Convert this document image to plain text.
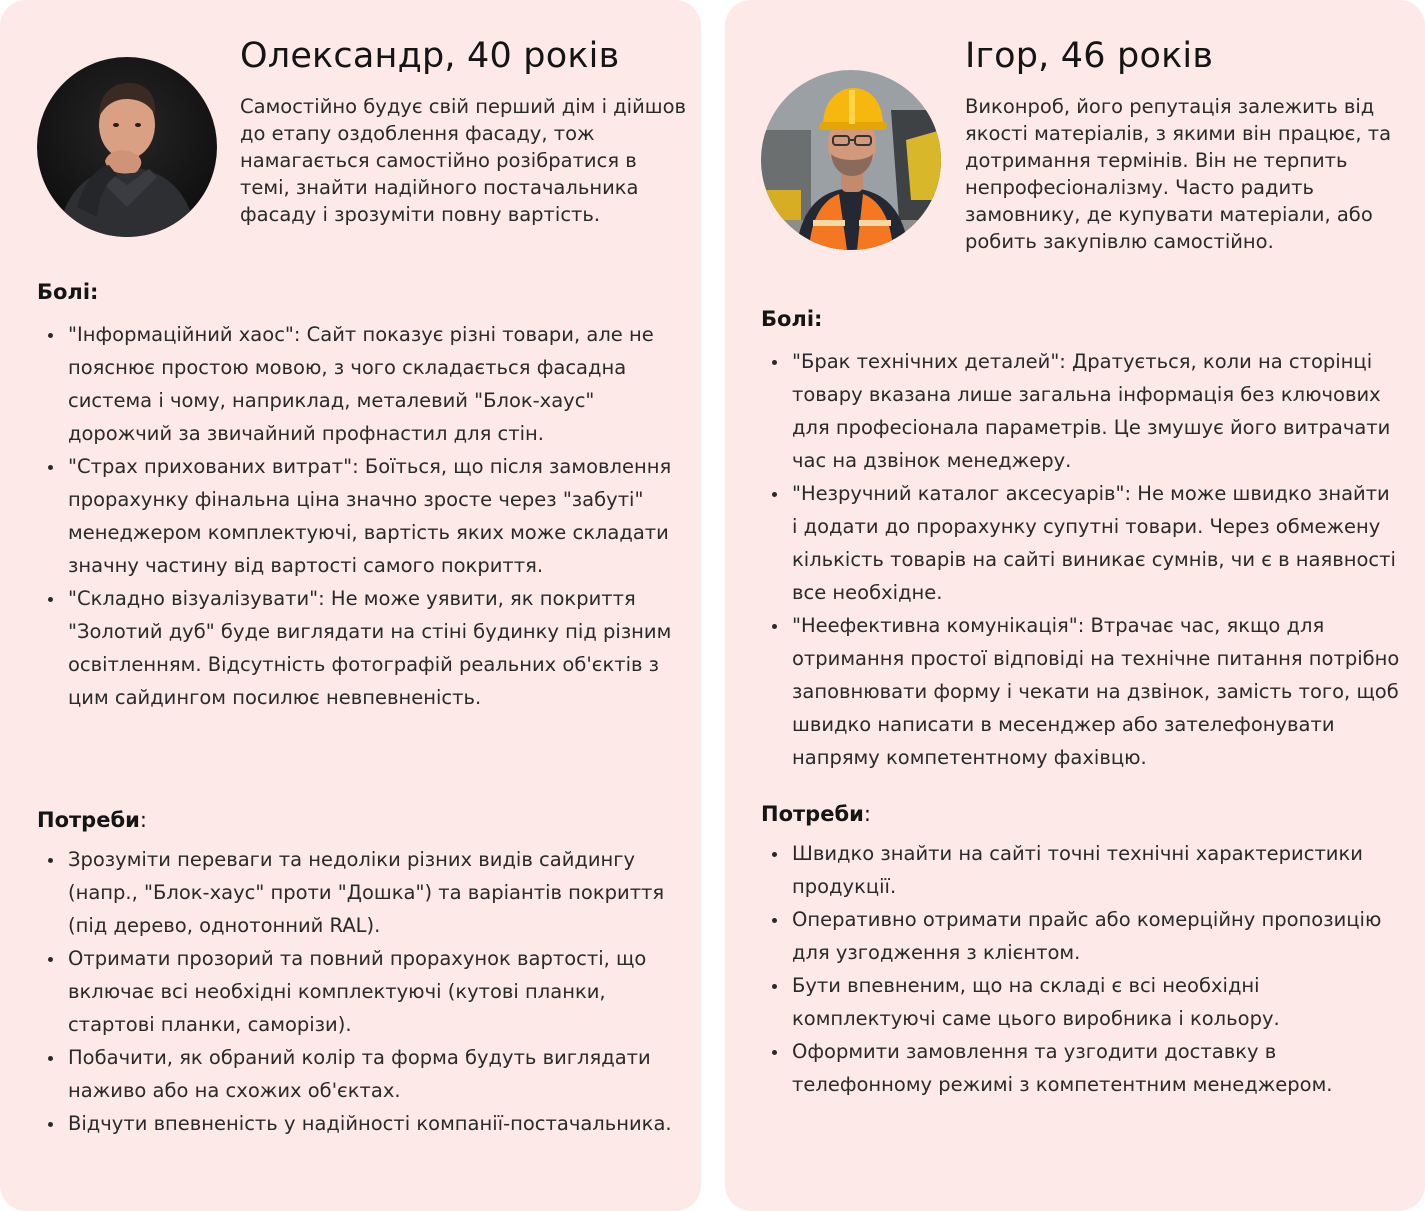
Олександр, 40 років

Самостійно будує свій перший дім і дійшов до етапу оздоблення фасаду, тож намагається самостійно розібратися в темі, знайти надійного постачальника фасаду і зрозуміти повну вартість.

Болі:
"Інформаційний хаос": Сайт показує різні товари, але не пояснює простою мовою, з чого складається фасадна система і чому, наприклад, металевий "Блок-хаус" дорожчий за звичайний профнастил для стін.
"Страх прихованих витрат": Боїться, що після замовлення прорахунку фінальна ціна значно зросте через "забуті" менеджером комплектуючі, вартість яких може складати значну частину від вартості самого покриття.
"Складно візуалізувати": Не може уявити, як покриття "Золотий дуб" буде виглядати на стіні будинку під різним освітленням. Відсутність фотографій реальних об'єктів з цим сайдингом посилює невпевненість.
Потреби:
Зрозуміти переваги та недоліки різних видів сайдингу (напр., "Блок-хаус" проти "Дошка") та варіантів покриття (під дерево, однотонний RAL).
Отримати прозорий та повний прорахунок вартості, що включає всі необхідні комплектуючі (кутові планки, стартові планки, саморізи).
Побачити, як обраний колір та форма будуть виглядати наживо або на схожих об'єктах.
Відчути впевненість у надійності компанії-постачальника.
Ігор, 46 років

Виконроб, його репутація залежить від якості матеріалів, з якими він працює, та дотримання термінів. Він не терпить непрофесіоналізму. Часто радить замовнику, де купувати матеріали, або робить закупівлю самостійно.

Болі:
"Брак технічних деталей": Дратується, коли на сторінці товару вказана лише загальна інформація без ключових для професіонала параметрів. Це змушує його витрачати час на дзвінок менеджеру.
"Незручний каталог аксесуарів": Не може швидко знайти і додати до прорахунку супутні товари. Через обмежену кількість товарів на сайті виникає сумнів, чи є в наявності все необхідне.
"Неефективна комунікація": Втрачає час, якщо для отримання простої відповіді на технічне питання потрібно заповнювати форму і чекати на дзвінок, замість того, щоб швидко написати в месенджер або зателефонувати напряму компетентному фахівцю.
Потреби:
Швидко знайти на сайті точні технічні характеристики продукції.
Оперативно отримати прайс або комерційну пропозицію для узгодження з клієнтом.
Бути впевненим, що на складі є всі необхідні комплектуючі саме цього виробника і кольору.
Оформити замовлення та узгодити доставку в телефонному режимі з компетентним менеджером.
